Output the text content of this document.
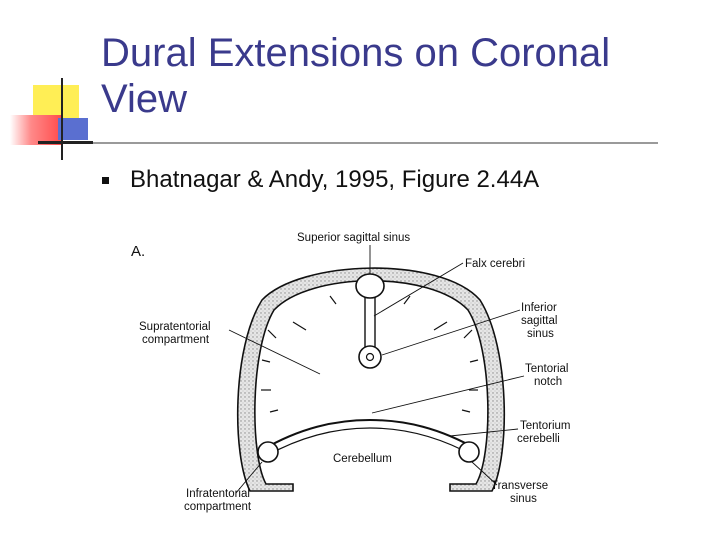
Dural Extensions on Coronal View
Bhatnagar & Andy, 1995, Figure 2.44A
A.
Superior sagittal sinus
Falx cerebri
Inferior sagittal sinus
Supratentorial compartment
Tentorial notch
Tentorium cerebelli
Cerebellum
Transverse sinus
Infratentorial compartment
